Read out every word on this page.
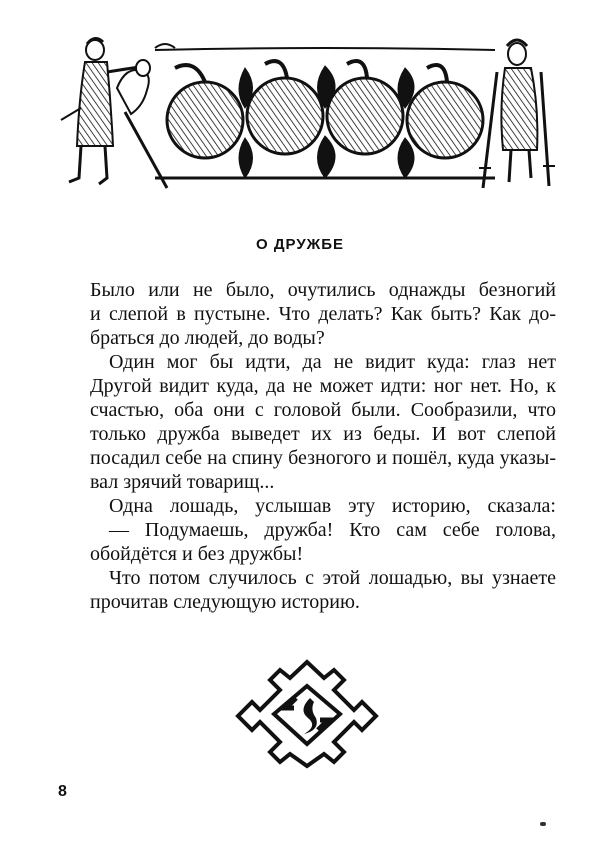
О ДРУЖБЕ
Было или не было, очутились однажды безногий
и слепой в пустыне. Что делать? Как быть? Как до-
браться до людей, до воды?
Один мог бы идти, да не видит куда: глаз нет
Другой видит куда, да не может идти: ног нет. Но, к
счастью, оба они с головой были. Сообразили, что
только дружба выведет их из беды. И вот слепой
посадил себе на спину безногого и пошёл, куда указы-
вал зрячий товарищ...
Одна лошадь, услышав эту историю, сказала:
— Подумаешь, дружба! Кто сам себе голова,
обойдётся и без дружбы!
Что потом случилось с этой лошадью, вы узнаете
прочитав следующую историю.
8
